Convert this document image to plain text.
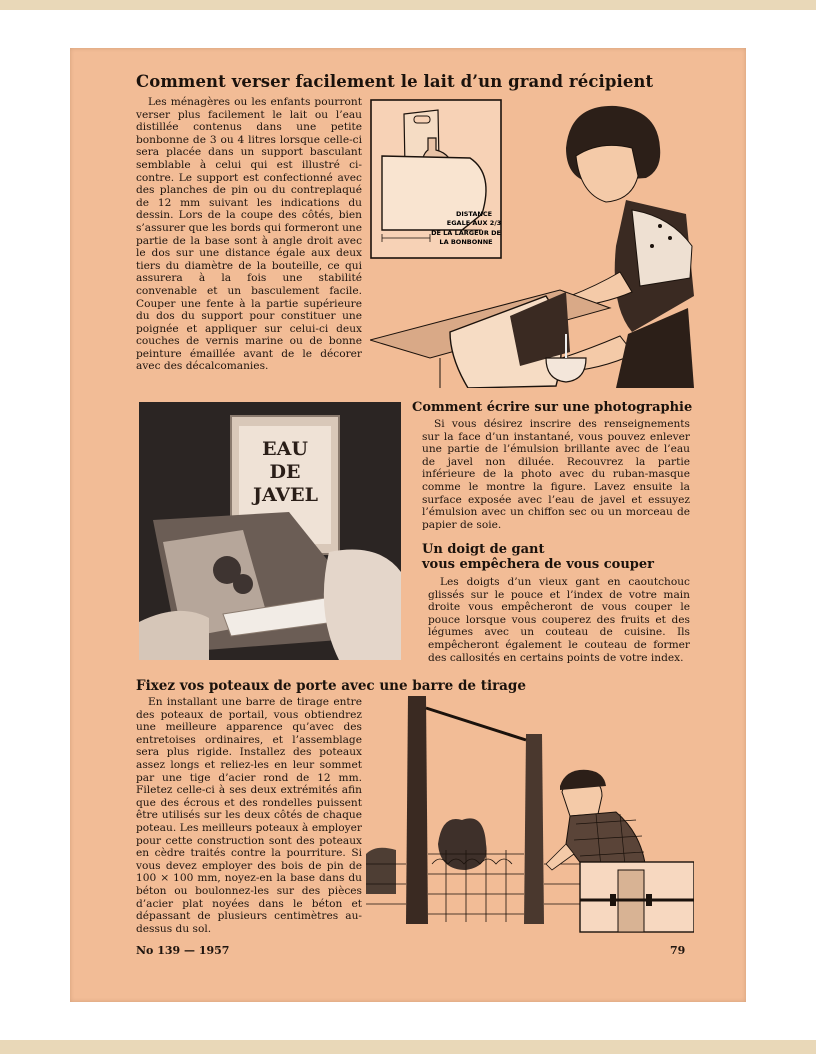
Comment verser facilement le lait d’un grand récipient

Les ménagères ou les enfants pourront verser plus facilement le lait ou l’eau distillée contenus dans une petite bonbonne de 3 ou 4 litres lorsque celle-ci sera placée dans un support basculant semblable à celui qui est illustré ci-contre. Le support est confectionné avec des planches de pin ou du contreplaqué de 12 mm suivant les indications du dessin. Lors de la coupe des côtés, bien s’assurer que les bords qui formeront une partie de la base sont à angle droit avec le dos sur une distance égale aux deux tiers du diamètre de la bouteille, ce qui assurera à la fois une stabilité convenable et un basculement facile. Couper une fente à la partie supérieure du dos du support pour constituer une poignée et appliquer sur celui-ci deux couches de vernis marine ou de bonne peinture émaillée avant de le décorer avec des décalcomanies.

DISTANCE
EGALE AUX 2/3
DE LA LARGEUR DE
LA BONBONNE
EAU
DE
JAVEL
Comment écrire sur une photographie

Si vous désirez inscrire des renseignements sur la face d’un instantané, vous pouvez enlever une partie de l’émulsion brillante avec de l’eau de javel non diluée. Recouvrez la partie inférieure de la photo avec du ruban-masque comme le montre la figure. Lavez ensuite la surface exposée avec l’eau de javel et essuyez l’émulsion avec un chiffon sec ou un morceau de papier de soie.

Un doigt de gant
vous empêchera de vous couper

Les doigts d’un vieux gant en caoutchouc glissés sur le pouce et l’index de votre main droite vous empêcheront de vous couper le pouce lorsque vous couperez des fruits et des légumes avec un couteau de cuisine. Ils empêcheront également le couteau de former des callosités en certains points de votre index.

Fixez vos poteaux de porte avec une barre de tirage

En installant une barre de tirage entre des poteaux de portail, vous obtiendrez une meilleure apparence qu’avec des entretoises ordinaires, et l’assemblage sera plus rigide. Installez des poteaux assez longs et reliez-les en leur sommet par une tige d’acier rond de 12 mm. Filetez celle-ci à ses deux extrémités afin que des écrous et des rondelles puissent être utilisés sur les deux côtés de chaque poteau. Les meilleurs poteaux à employer pour cette construction sont des poteaux en cèdre traités contre la pourriture. Si vous devez employer des bois de pin de 100 × 100 mm, noyez-en la base dans du béton ou boulonnez-les sur des pièces d’acier plat noyées dans le béton et dépassant de plusieurs centimètres au-dessus du sol.

No 139 — 1957	79
